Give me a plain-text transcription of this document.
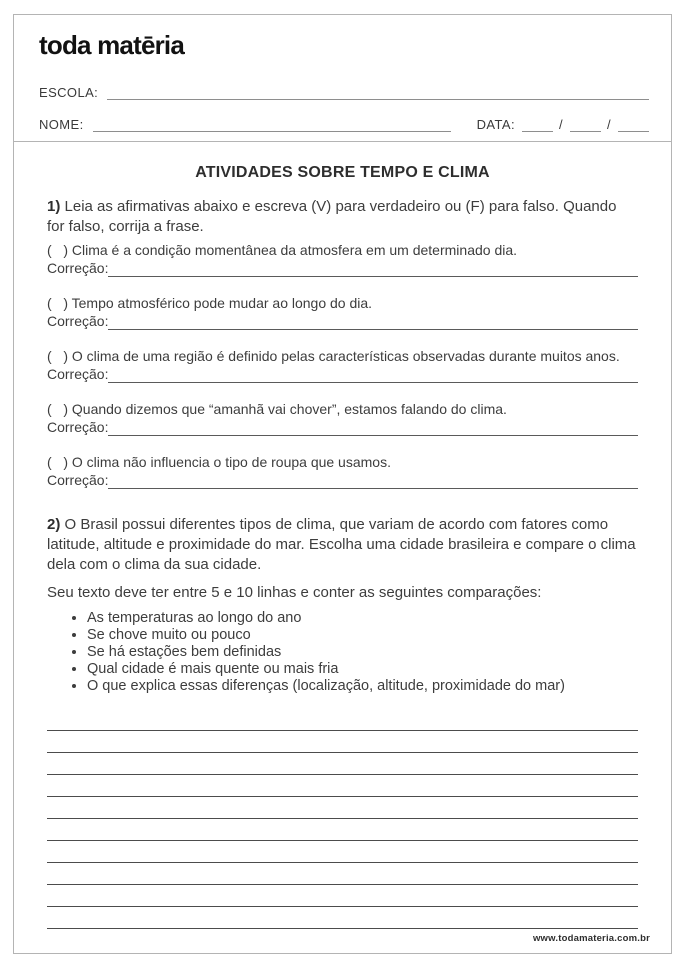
toda matēria
ESCOLA:
NOME:	DATA:	/	/
ATIVIDADES SOBRE TEMPO E CLIMA

1) Leia as afirmativas abaixo e escreva (V) para verdadeiro ou (F) para falso. Quando for falso, corrija a frase.

(   ) Clima é a condição momentânea da atmosfera em um determinado dia.
Correção:
(   ) Tempo atmosférico pode mudar ao longo do dia.
Correção:
(   ) O clima de uma região é definido pelas características observadas durante muitos anos.
Correção:
(   ) Quando dizemos que “amanhã vai chover”, estamos falando do clima.
Correção:
(   ) O clima não influencia o tipo de roupa que usamos.
Correção:

2) O Brasil possui diferentes tipos de clima, que variam de acordo com fatores como latitude, altitude e proximidade do mar. Escolha uma cidade brasileira e compare o clima dela com o clima da sua cidade.

Seu texto deve ter entre 5 e 10 linhas e conter as seguintes comparações:

• As temperaturas ao longo do ano
• Se chove muito ou pouco
• Se há estações bem definidas
• Qual cidade é mais quente ou mais fria
• O que explica essas diferenças (localização, altitude, proximidade do mar)
www.todamateria.com.br
